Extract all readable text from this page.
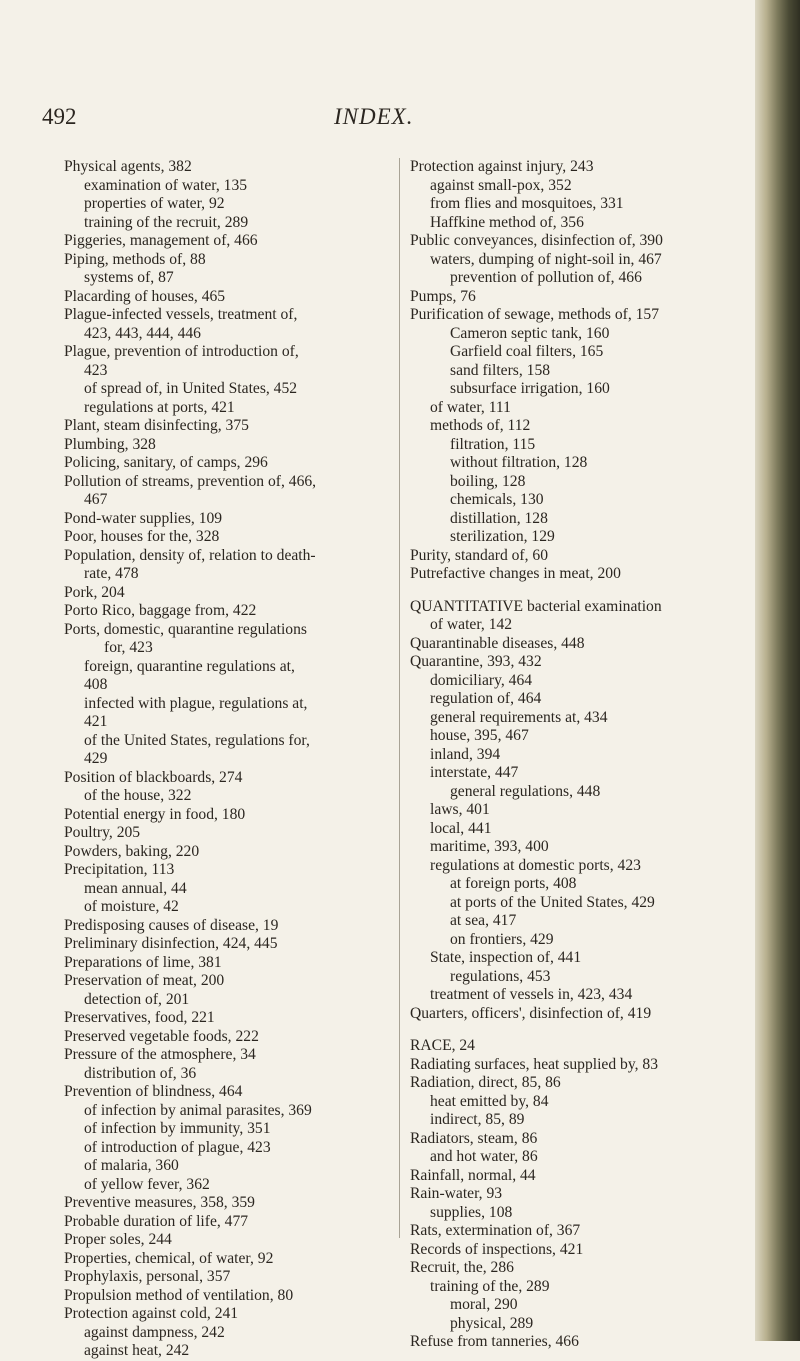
492	INDEX.
Physical agents, 382
examination of water, 135
properties of water, 92
training of the recruit, 289
Piggeries, management of, 466
Piping, methods of, 88
systems of, 87
Placarding of houses, 465
Plague-infected vessels, treatment of,
423, 443, 444, 446
Plague, prevention of introduction of,
423
of spread of, in United States, 452
regulations at ports, 421
Plant, steam disinfecting, 375
Plumbing, 328
Policing, sanitary, of camps, 296
Pollution of streams, prevention of, 466,
467
Pond-water supplies, 109
Poor, houses for the, 328
Population, density of, relation to death-
rate, 478
Pork, 204
Porto Rico, baggage from, 422
Ports, domestic, quarantine regulations
for, 423
foreign, quarantine regulations at,
408
infected with plague, regulations at,
421
of the United States, regulations for,
429
Position of blackboards, 274
of the house, 322
Potential energy in food, 180
Poultry, 205
Powders, baking, 220
Precipitation, 113
mean annual, 44
of moisture, 42
Predisposing causes of disease, 19
Preliminary disinfection, 424, 445
Preparations of lime, 381
Preservation of meat, 200
detection of, 201
Preservatives, food, 221
Preserved vegetable foods, 222
Pressure of the atmosphere, 34
distribution of, 36
Prevention of blindness, 464
of infection by animal parasites, 369
of infection by immunity, 351
of introduction of plague, 423
of malaria, 360
of yellow fever, 362
Preventive measures, 358, 359
Probable duration of life, 477
Proper soles, 244
Properties, chemical, of water, 92
Prophylaxis, personal, 357
Propulsion method of ventilation, 80
Protection against cold, 241
against dampness, 242
against heat, 242
Protection against injury, 243
against small-pox, 352
from flies and mosquitoes, 331
Haffkine method of, 356
Public conveyances, disinfection of, 390
waters, dumping of night-soil in, 467
prevention of pollution of, 466
Pumps, 76
Purification of sewage, methods of, 157
Cameron septic tank, 160
Garfield coal filters, 165
sand filters, 158
subsurface irrigation, 160
of water, 111
methods of, 112
filtration, 115
without filtration, 128
boiling, 128
chemicals, 130
distillation, 128
sterilization, 129
Purity, standard of, 60
Putrefactive changes in meat, 200
QUANTITATIVE bacterial examination
of water, 142
Quarantinable diseases, 448
Quarantine, 393, 432
domiciliary, 464
regulation of, 464
general requirements at, 434
house, 395, 467
inland, 394
interstate, 447
general regulations, 448
laws, 401
local, 441
maritime, 393, 400
regulations at domestic ports, 423
at foreign ports, 408
at ports of the United States, 429
at sea, 417
on frontiers, 429
State, inspection of, 441
regulations, 453
treatment of vessels in, 423, 434
Quarters, officers', disinfection of, 419
RACE, 24
Radiating surfaces, heat supplied by, 83
Radiation, direct, 85, 86
heat emitted by, 84
indirect, 85, 89
Radiators, steam, 86
and hot water, 86
Rainfall, normal, 44
Rain-water, 93
supplies, 108
Rats, extermination of, 367
Records of inspections, 421
Recruit, the, 286
training of the, 289
moral, 290
physical, 289
Refuse from tanneries, 466
